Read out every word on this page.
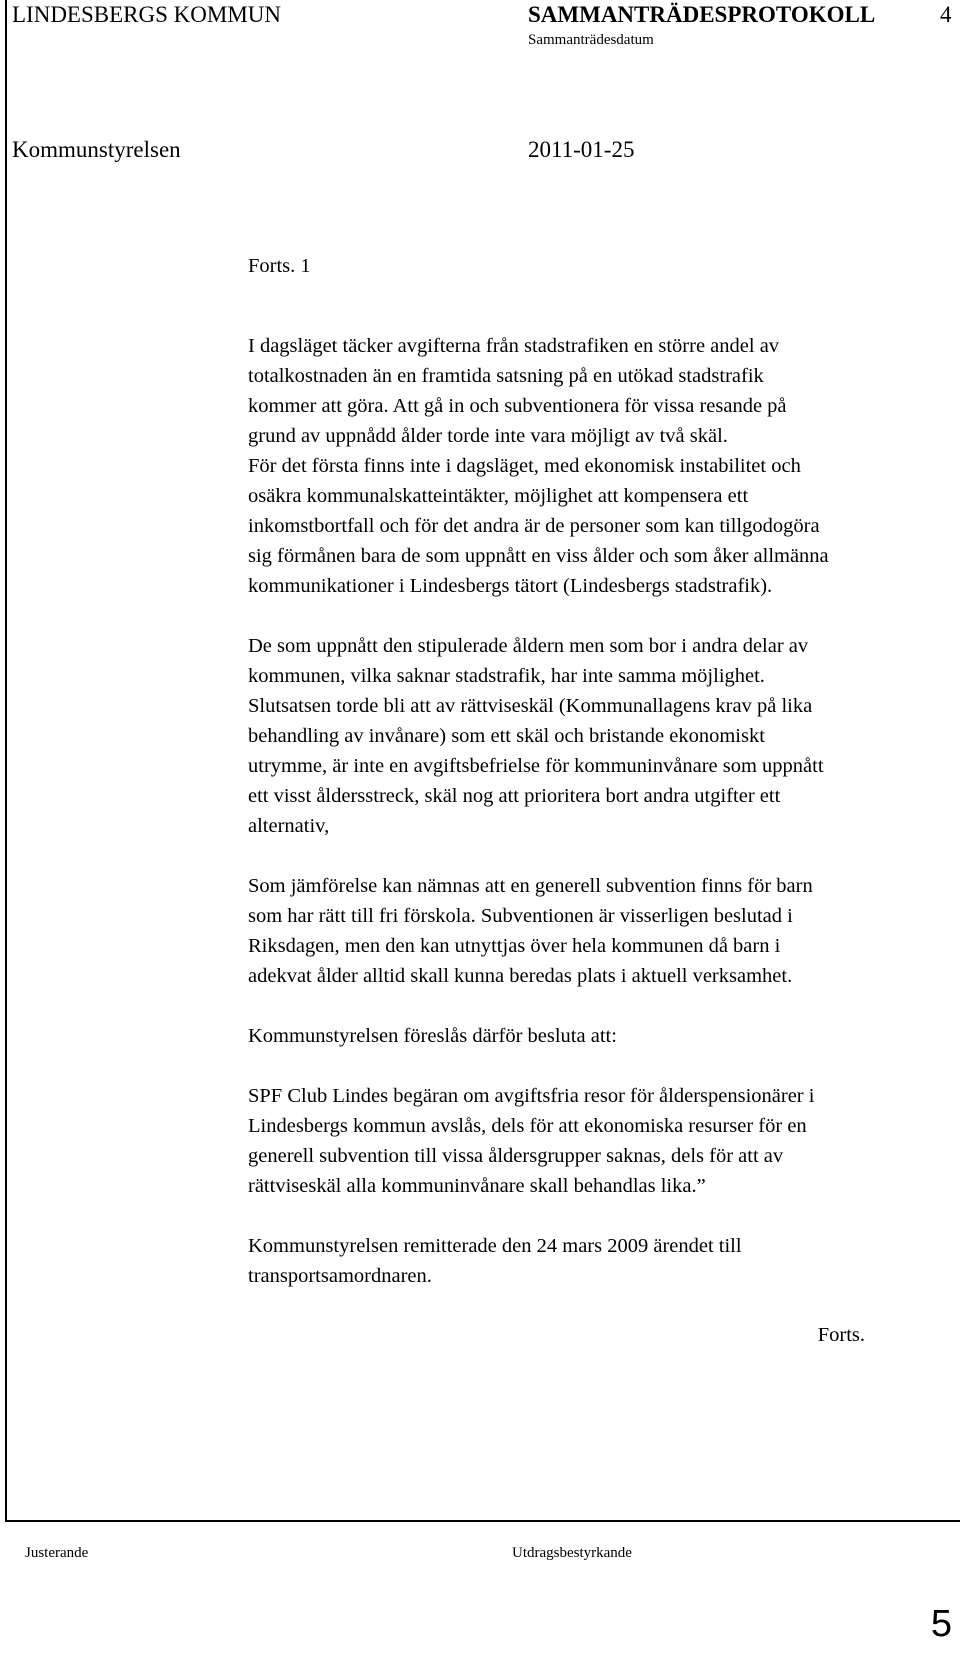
LINDESBERGS KOMMUN	SAMMANTRÄDESPROTOKOLL	4
Sammanträdesdatum
Kommunstyrelsen	2011-01-25

Forts. 1

I dagsläget täcker avgifterna från stadstrafiken en större andel av

totalkostnaden än en framtida satsning på en utökad stadstrafik

kommer att göra. Att gå in och subventionera för vissa resande på

grund av uppnådd ålder torde inte vara möjligt av två skäl.

För det första finns inte i dagsläget, med ekonomisk instabilitet och

osäkra kommunalskatteintäkter, möjlighet att kompensera ett

inkomstbortfall och för det andra är de personer som kan tillgodogöra

sig förmånen bara de som uppnått en viss ålder och som åker allmänna

kommunikationer i Lindesbergs tätort (Lindesbergs stadstrafik).

De som uppnått den stipulerade åldern men som bor i andra delar av

kommunen, vilka saknar stadstrafik, har inte samma möjlighet.

Slutsatsen torde bli att av rättviseskäl (Kommunallagens krav på lika

behandling av invånare) som ett skäl och bristande ekonomiskt

utrymme, är inte en avgiftsbefrielse för kommuninvånare som uppnått

ett visst åldersstreck, skäl nog att prioritera bort andra utgifter ett

alternativ,

Som jämförelse kan nämnas att en generell subvention finns för barn

som har rätt till fri förskola. Subventionen är visserligen beslutad i

Riksdagen, men den kan utnyttjas över hela kommunen då barn i

adekvat ålder alltid skall kunna beredas plats i aktuell verksamhet.

Kommunstyrelsen föreslås därför besluta att:

SPF Club Lindes begäran om avgiftsfria resor för ålderspensionärer i

Lindesbergs kommun avslås, dels för att ekonomiska resurser för en

generell subvention till vissa åldersgrupper saknas, dels för att av

rättviseskäl alla kommuninvånare skall behandlas lika.”

Kommunstyrelsen remitterade den 24 mars 2009 ärendet till

transportsamordnaren.

Forts.
Justerande	Utdragsbestyrkande
5
